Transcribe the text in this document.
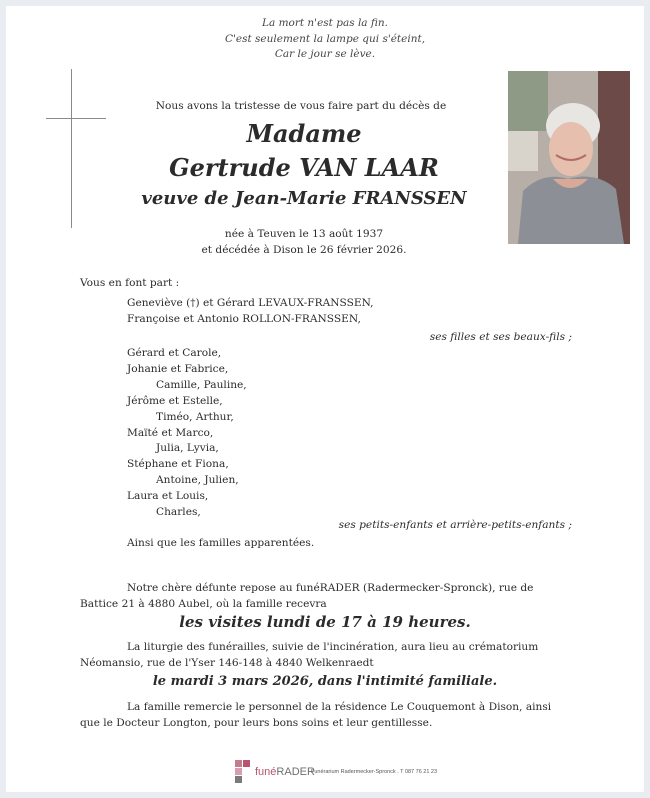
La mort n'est pas la fin.
C'est seulement la lampe qui s'éteint,
Car le jour se lève.
Nous avons la tristesse de vous faire part du décès de
Madame
Gertrude VAN LAAR
veuve de Jean-Marie FRANSSEN
née à Teuven le 13 août 1937
et décédée à Dison le 26 février 2026.
Vous en font part :
Geneviève (†) et Gérard LEVAUX-FRANSSEN,
Françoise et Antonio ROLLON-FRANSSEN,
ses filles et ses beaux-fils ;
Gérard et Carole,
Johanie et Fabrice,
Camille, Pauline,
Jérôme et Estelle,
Timéo, Arthur,
Maïté et Marco,
Julia, Lyvia,
Stéphane et Fiona,
Antoine, Julien,
Laura et Louis,
Charles,
ses petits-enfants et arrière-petits-enfants ;
Ainsi que les familles apparentées.
Notre chère défunte repose au funéRADER (Radermecker-Spronck), rue de
Battice 21 à 4880 Aubel, où la famille recevra
les visites lundi de 17 à 19 heures.
La liturgie des funérailles, suivie de l'incinération, aura lieu au crématorium
Néomansio, rue de l'Yser 146-148 à 4840 Welkenraedt
le mardi 3 mars 2026, dans l'intimité familiale.
La famille remercie le personnel de la résidence Le Couquemont à Dison, ainsi
que le Docteur Longton, pour leurs bons soins et leur gentillesse.
funéRADER
Funérarium Radermecker-Spronck . T 087 76 21 23
